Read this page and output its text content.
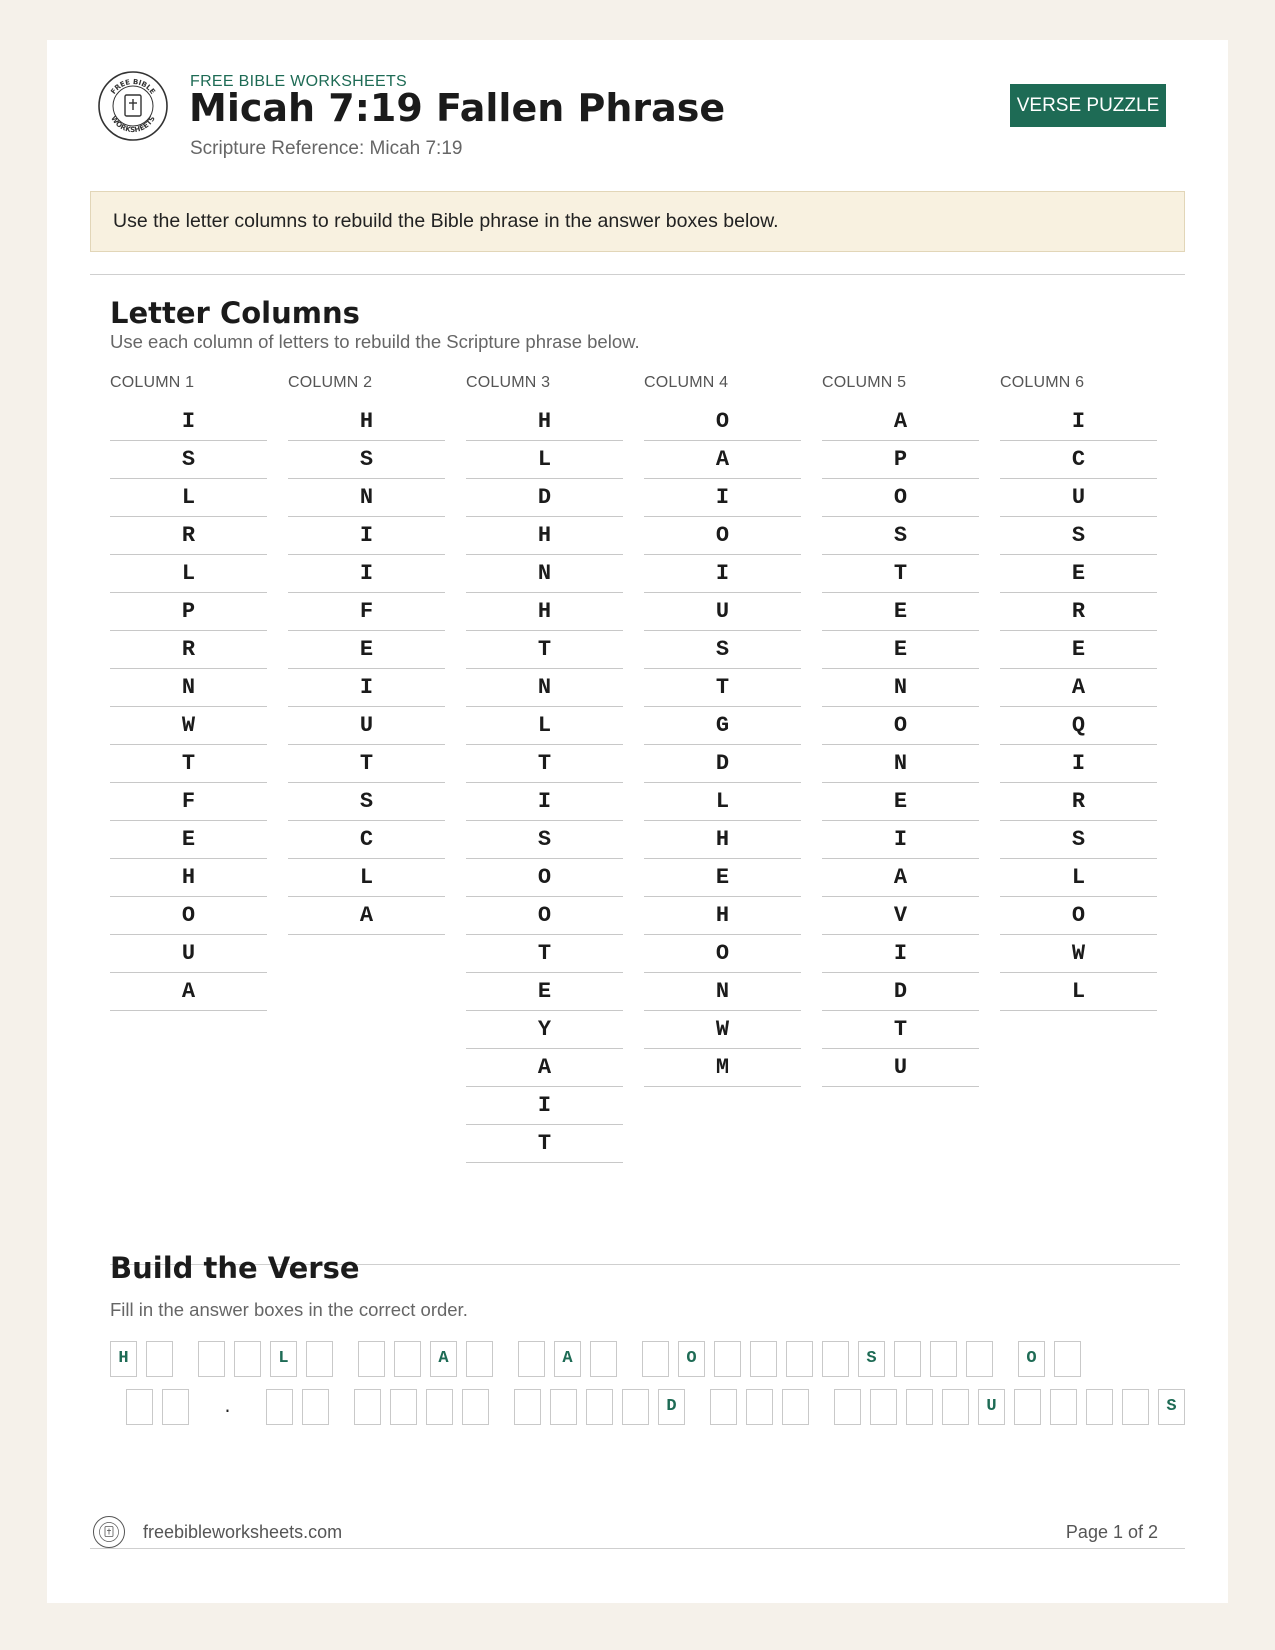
FREE BIBLE
WORKSHEETS
FREE BIBLE WORKSHEETS
Micah 7:19 Fallen Phrase
Scripture Reference: Micah 7:19
VERSE PUZZLE
Use the letter columns to rebuild the Bible phrase in the answer boxes below.
Letter Columns
Use each column of letters to rebuild the Scripture phrase below.
COLUMN 1
I
S
L
R
L
P
R
N
W
T
F
E
H
O
U
A
COLUMN 2
H
S
N
I
I
F
E
I
U
T
S
C
L
A
COLUMN 3
H
L
D
H
N
H
T
N
L
T
I
S
O
O
T
E
Y
A
I
T
COLUMN 4
O
A
I
O
I
U
S
T
G
D
L
H
E
H
O
N
W
M
COLUMN 5
A
P
O
S
T
E
E
N
O
N
E
I
A
V
I
D
T
U
COLUMN 6
I
C
U
S
E
R
E
A
Q
I
R
S
L
O
W
L
Build the Verse
Fill in the answer boxes in the correct order.
H	L	A	A	O	S	O
.	D	U	S
freebibleworksheets.com	Page 1 of 2
